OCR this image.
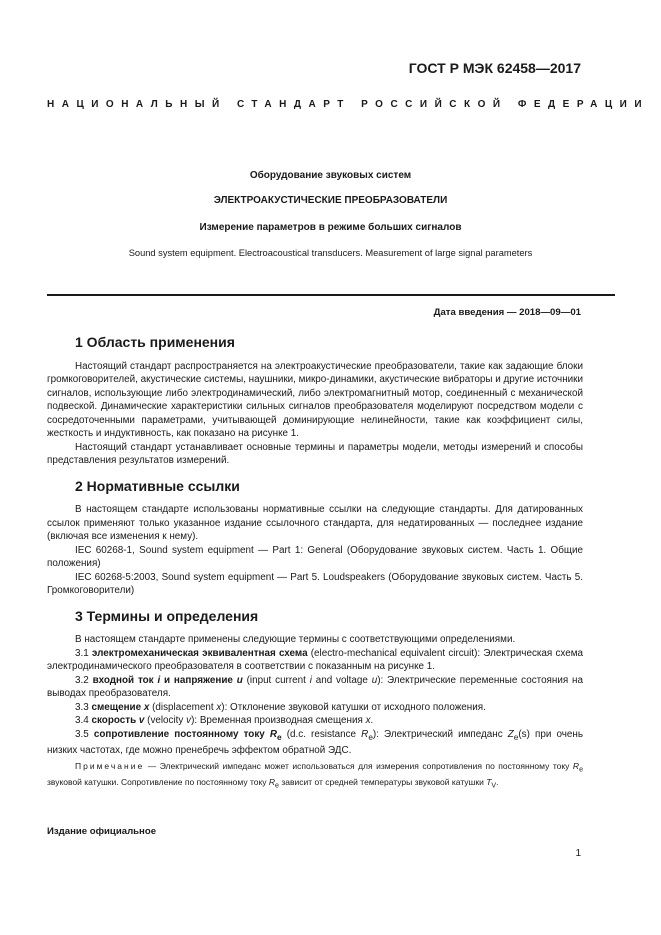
ГОСТ Р МЭК 62458—2017
НАЦИОНАЛЬНЫЙ СТАНДАРТ РОССИЙСКОЙ ФЕДЕРАЦИИ
Оборудование звуковых систем
ЭЛЕКТРОАКУСТИЧЕСКИЕ ПРЕОБРАЗОВАТЕЛИ
Измерение параметров в режиме больших сигналов
Sound system equipment. Electroacoustical transducers. Measurement of large signal parameters
Дата введения — 2018—09—01
1 Область применения

Настоящий стандарт распространяется на электроакустические преобразователи, такие как задающие блоки громкоговорителей, акустические системы, наушники, микро-динамики, акустические вибраторы и другие источники сигналов, использующие либо электродинамический, либо электромагнитный мотор, соединенный с механической подвеской. Динамические характеристики сильных сигналов преобразователя моделируют посредством модели с сосредоточенными параметрами, учитывающей доминирующие нелинейности, такие как коэффициент силы, жесткость и индуктивность, как показано на рисунке 1.

Настоящий стандарт устанавливает основные термины и параметры модели, методы измерений и способы представления результатов измерений.

2 Нормативные ссылки

В настоящем стандарте использованы нормативные ссылки на следующие стандарты. Для датированных ссылок применяют только указанное издание ссылочного стандарта, для недатированных — последнее издание (включая все изменения к нему).

IEC 60268-1, Sound system equipment — Part 1: General (Оборудование звуковых систем. Часть 1. Общие положения)

IEC 60268-5:2003, Sound system equipment — Part 5. Loudspeakers (Оборудование звуковых систем. Часть 5. Громкоговорители)

3 Термины и определения

В настоящем стандарте применены следующие термины с соответствующими определениями.

3.1 электромеханическая эквивалентная схема (electro-mechanical equivalent circuit): Электрическая схема электродинамического преобразователя в соответствии с показанным на рисунке 1.

3.2 входной ток i и напряжение u (input current i and voltage u): Электрические переменные состояния на выводах преобразователя.

3.3 смещение x (displacement x): Отклонение звуковой катушки от исходного положения.

3.4 скорость v (velocity v): Временная производная смещения x.

3.5 сопротивление постоянному току $R_e$ (d.c. resistance $R_e$): Электрический импеданс $Z_e(s)$ при очень низких частотах, где можно пренебречь эффектом обратной ЭДС.

Примечание — Электрический импеданс может использоваться для измерения сопротивления по постоянному току $R_e$ звуковой катушки. Сопротивление по постоянному току $R_e$ зависит от средней температуры звуковой катушки $T_V$.

Издание официальное
1
